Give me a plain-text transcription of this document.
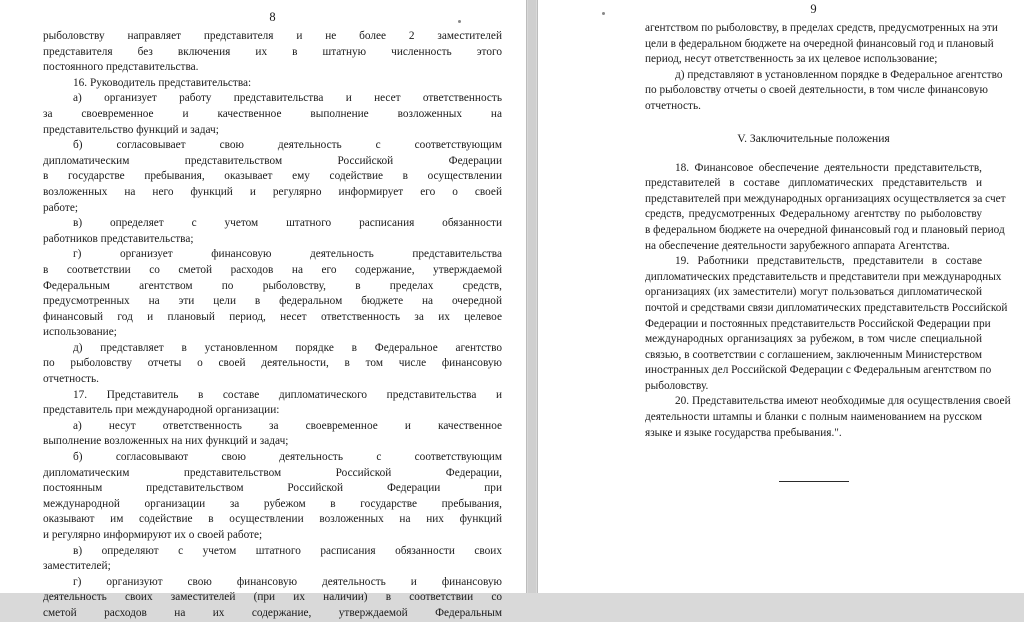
8
рыболовству направляет представителя и не более 2 заместителей
представителя без включения их в штатную численность этого
постоянного представительства.
16. Руководитель представительства:
а) организует работу представительства и несет ответственность
за своевременное и качественное выполнение возложенных на
представительство функций и задач;
б) согласовывает свою деятельность с соответствующим
дипломатическим представительством Российской Федерации
в государстве пребывания, оказывает ему содействие в осуществлении
возложенных на него функций и регулярно информирует его о своей
работе;
в) определяет с учетом штатного расписания обязанности
работников представительства;
г) организует финансовую деятельность представительства
в соответствии со сметой расходов на его содержание, утверждаемой
Федеральным агентством по рыболовству, в пределах средств,
предусмотренных на эти цели в федеральном бюджете на очередной
финансовый год и плановый период, несет ответственность за их целевое
использование;
д) представляет в установленном порядке в Федеральное агентство
по рыболовству отчеты о своей деятельности, в том числе финансовую
отчетность.
17. Представитель в составе дипломатического представительства и
представитель при международной организации:
а) несут ответственность за своевременное и качественное
выполнение возложенных на них функций и задач;
б) согласовывают свою деятельность с соответствующим
дипломатическим представительством Российской Федерации,
постоянным представительством Российской Федерации при
международной организации за рубежом в государстве пребывания,
оказывают им содействие в осуществлении возложенных на них функций
и регулярно информируют их о своей работе;
в) определяют с учетом штатного расписания обязанности своих
заместителей;
г) организуют свою финансовую деятельность и финансовую
деятельность своих заместителей (при их наличии) в соответствии со
сметой расходов на их содержание, утверждаемой Федеральным
9
агентством по рыболовству, в пределах средств, предусмотренных на эти
цели в федеральном бюджете на очередной финансовый год и плановый
период, несут ответственность за их целевое использование;
д) представляют в установленном порядке в Федеральное агентство
по рыболовству отчеты о своей деятельности, в том числе финансовую
отчетность.
V. Заключительные положения
18. Финансовое обеспечение деятельности представительств,
представителей в составе дипломатических представительств и
представителей при международных организациях осуществляется за счет
средств, предусмотренных Федеральному агентству по рыболовству
в федеральном бюджете на очередной финансовый год и плановый период
на обеспечение деятельности зарубежного аппарата Агентства.
19. Работники представительств, представители в составе
дипломатических представительств и представители при международных
организациях (их заместители) могут пользоваться дипломатической
почтой и средствами связи дипломатических представительств Российской
Федерации и постоянных представительств Российской Федерации при
международных организациях за рубежом, в том числе специальной
связью, в соответствии с соглашением, заключенным Министерством
иностранных дел Российской Федерации с Федеральным агентством по
рыболовству.
20. Представительства имеют необходимые для осуществления своей
деятельности штампы и бланки с полным наименованием на русском
языке и языке государства пребывания.".
